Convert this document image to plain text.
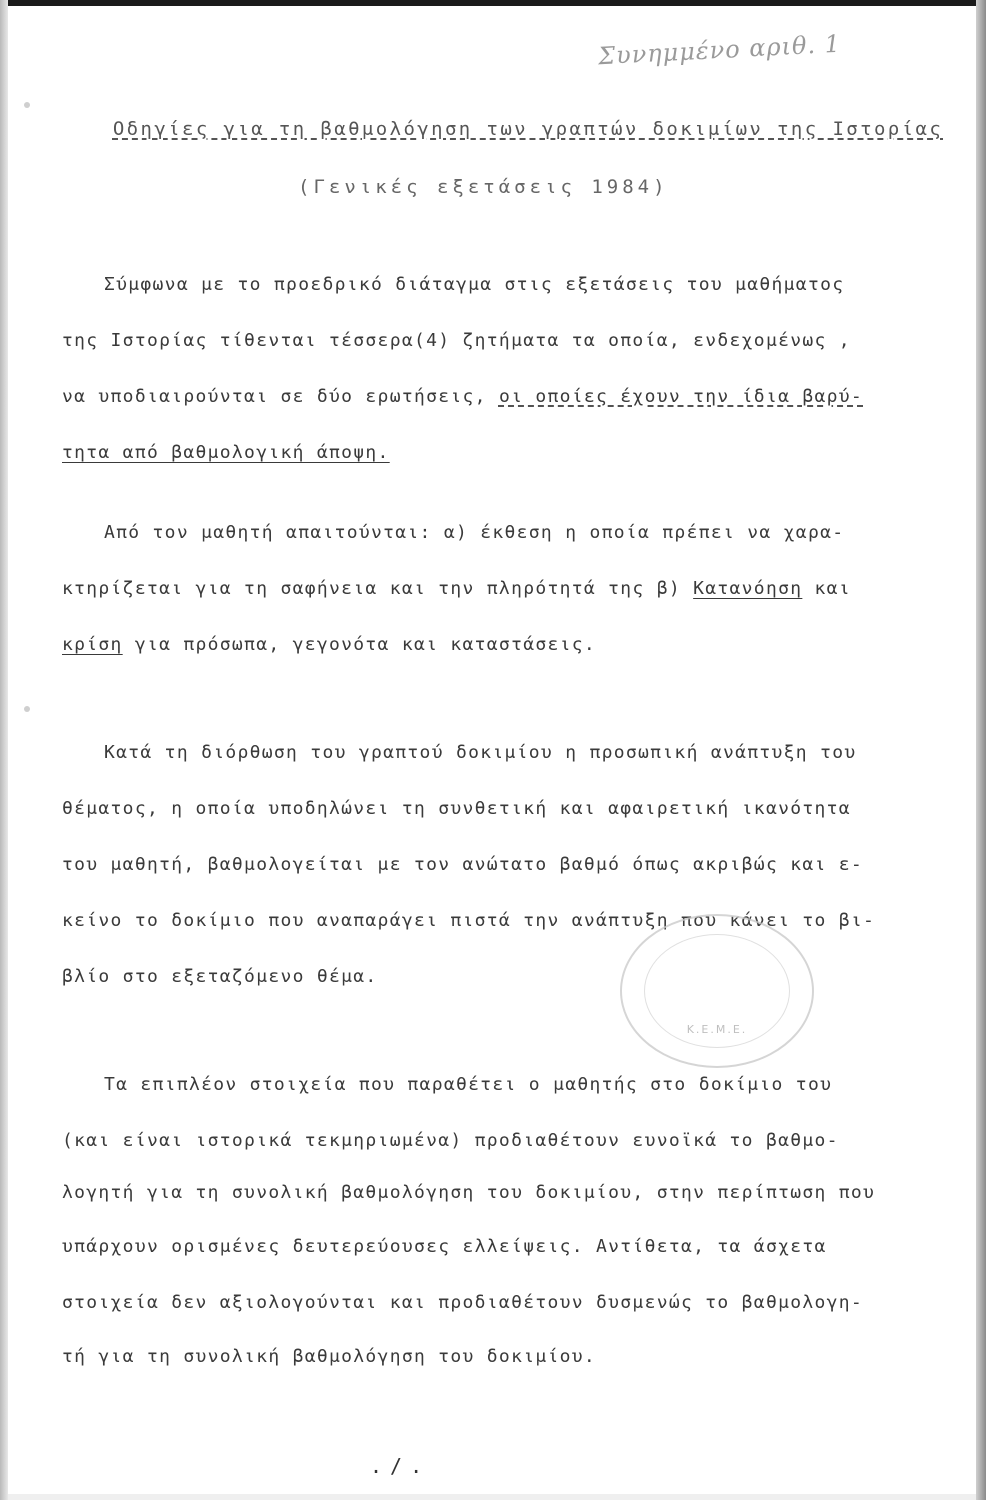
Συνημμένο αριθ. 1
Οδηγίες για τη βαθμολόγηση των γραπτών δοκιμίων της Ιστορίας
(Γενικές εξετάσεις 1984)
Σύμφωνα με το προεδρικό διάταγμα στις εξετάσεις του μαθήματος
της Ιστορίας τίθενται τέσσερα(4) ζητήματα τα οποία, ενδεχομένως ,
να υποδιαιρούνται σε δύο ερωτήσεις, οι οποίες έχουν την ίδια βαρύ-
τητα από βαθμολογική άποψη.
Από τον μαθητή απαιτούνται: α) έκθεση η οποία πρέπει να χαρα-
κτηρίζεται για τη σαφήνεια και την πληρότητά της β) Κατανόηση και
κρίση για πρόσωπα, γεγονότα και καταστάσεις.
Κατά τη διόρθωση του γραπτού δοκιμίου η προσωπική ανάπτυξη του
θέματος, η οποία υποδηλώνει τη συνθετική και αφαιρετική ικανότητα
του μαθητή, βαθμολογείται με τον ανώτατο βαθμό όπως ακριβώς και ε-
κείνο το δοκίμιο που αναπαράγει πιστά την ανάπτυξη που κάνει το βι-
βλίο στο εξεταζόμενο θέμα.
Κ.Ε.Μ.Ε.
Τα επιπλέον στοιχεία που παραθέτει ο μαθητής στο δοκίμιο του
(και είναι ιστορικά τεκμηριωμένα) προδιαθέτουν ευνοϊκά το βαθμο-
λογητή για τη συνολική βαθμολόγηση του δοκιμίου, στην περίπτωση που
υπάρχουν ορισμένες δευτερεύουσες ελλείψεις. Αντίθετα, τα άσχετα
στοιχεία δεν αξιολογούνται και προδιαθέτουν δυσμενώς το βαθμολογη-
τή για τη συνολική βαθμολόγηση του δοκιμίου.
./.
